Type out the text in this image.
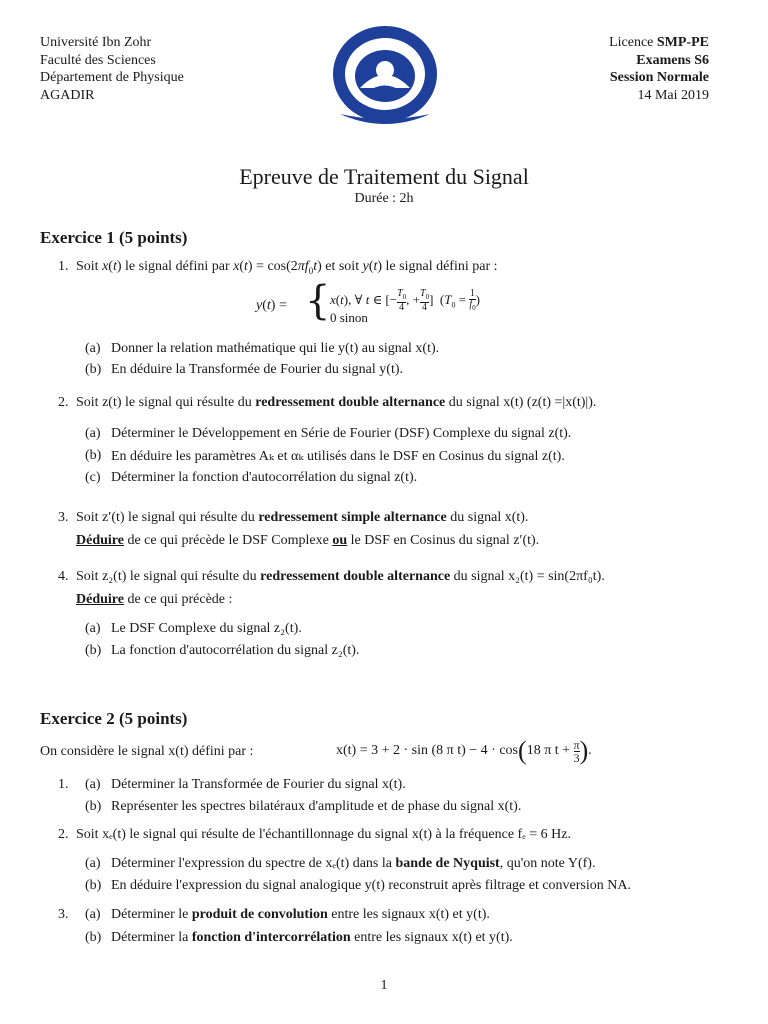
Université Ibn Zohr
Faculté des Sciences
Département de Physique
AGADIR
Licence SMP-PE
Examens S6
Session Normale
14 Mai 2019
Epreuve de Traitement du Signal
Durée : 2h
Exercice 1 (5 points)
1. Soit x(t) le signal défini par $x(t) = \cos(2\pi f_0t)$ et soit y(t) le signal défini par :
y(t) = { x(t), ∀ t ∈ [− $\frac{T_0}{4}$ , + $\frac{T_0}{4}$ ]  ($T_0 = \frac{1}{f_0}$ )
0 sinon
(a) Donner la relation mathématique qui lie y(t) au signal x(t).
(b) En déduire la Transformée de Fourier du signal y(t).
2. Soit z(t) le signal qui résulte du redressement double alternance du signal x(t) (z(t) =|x(t)|).
(a) Déterminer le Développement en Série de Fourier (DSF) Complexe du signal z(t).
(b) En déduire les paramètres Aₖ et αₖ utilisés dans le DSF en Cosinus du signal z(t).
(c) Déterminer la fonction d'autocorrélation du signal z(t).
3. Soit z′(t) le signal qui résulte du redressement simple alternance du signal x(t).
Déduire de ce qui précède le DSF Complexe ou le DSF en Cosinus du signal z′(t).
4. Soit z₂(t) le signal qui résulte du redressement double alternance du signal x₂(t) = sin(2πf₀t).
Déduire de ce qui précède :
(a) Le DSF Complexe du signal z₂(t).
(b) La fonction d'autocorrélation du signal z₂(t).
Exercice 2 (5 points)
On considère le signal x(t) défini par :	x(t) = 3 + 2 · sin (8 π t) − 4 · cos(18 π $t + \frac{\pi}{3}$ ).
1. (a) Déterminer la Transformée de Fourier du signal x(t).
(b) Représenter les spectres bilatéraux d'amplitude et de phase du signal x(t).
2. Soit xₑ(t) le signal qui résulte de l'échantillonnage du signal x(t) à la fréquence fₑ = 6 Hz.
(a) Déterminer l'expression du spectre de xₑ(t) dans la bande de Nyquist, qu'on note Y(f).
(b) En déduire l'expression du signal analogique y(t) reconstruit après filtrage et conversion NA.
3. (a) Déterminer le produit de convolution entre les signaux x(t) et y(t).
(b) Déterminer la fonction d'intercorrélation entre les signaux x(t) et y(t).
1
